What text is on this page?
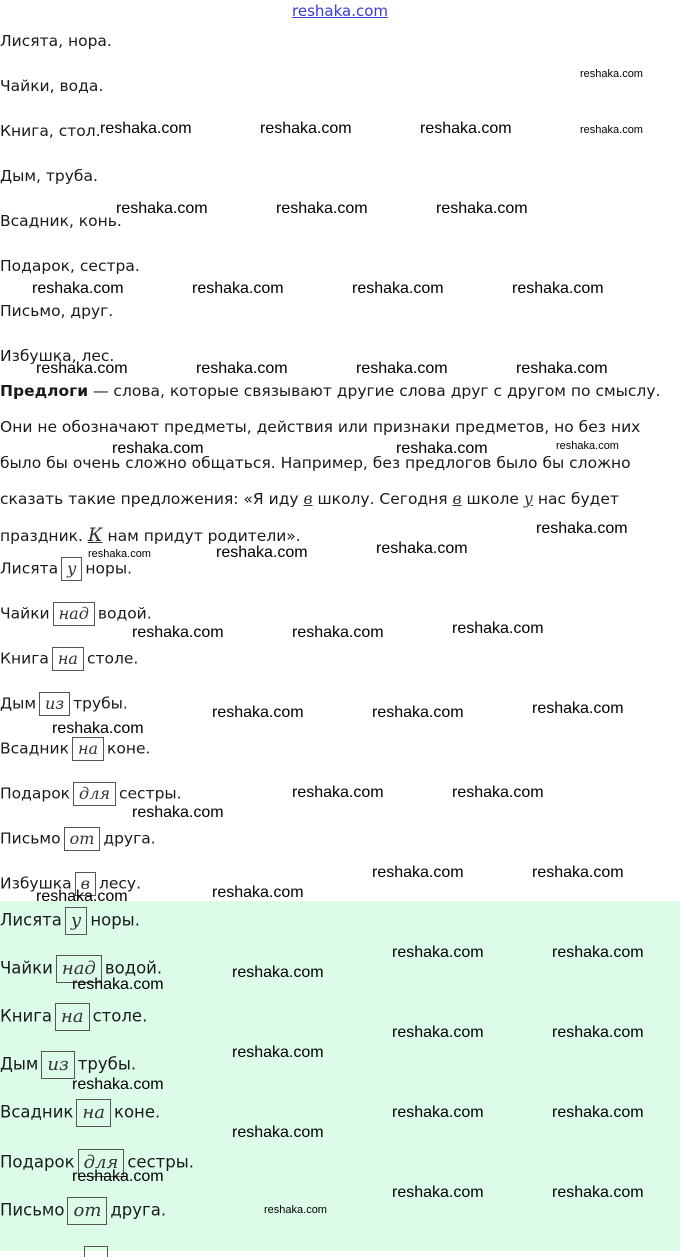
reshaka.com
Лисята, нора.
Чайки, вода.
Книга, стол.
Дым, труба.
Всадник, конь.
Подарок, сестра.
Письмо, друг.
Избушка, лес.
Предлоги — слова, которые связывают другие слова друг с другом по смыслу. Они не обозначают предметы, действия или признаки предметов, но без них было бы очень сложно общаться. Например, без предлогов было бы сложно сказать такие предложения: «Я иду в школу. Сегодня в школе у нас будет праздник. К нам придут родители».
Лисята у норы.
Чайки над водой.
Книга на столе.
Дым из трубы.
Всадник на коне.
Подарок для сестры.
Письмо от друга.
Избушка в лесу.
Лисята у норы.
Чайки над водой.
Книга на столе.
Дым из трубы.
Всадник на коне.
Подарок для сестры.
Письмо от друга.
reshaka.com
reshaka.com
reshaka.com	reshaka.com	reshaka.com
reshaka.com	reshaka.com	reshaka.com
reshaka.com	reshaka.com	reshaka.com	reshaka.com
reshaka.com	reshaka.com	reshaka.com	reshaka.com
reshaka.com	reshaka.com	reshaka.com
reshaka.com
reshaka.com	reshaka.com	reshaka.com
reshaka.com	reshaka.com	reshaka.com
reshaka.com
reshaka.com	reshaka.com	reshaka.com
reshaka.com
reshaka.com	reshaka.com
reshaka.com
reshaka.com	reshaka.com
reshaka.com
reshaka.com	reshaka.com
reshaka.com
reshaka.com
reshaka.com	reshaka.com
reshaka.com
reshaka.com
reshaka.com	reshaka.com
reshaka.com
reshaka.com
reshaka.com	reshaka.com
reshaka.com
